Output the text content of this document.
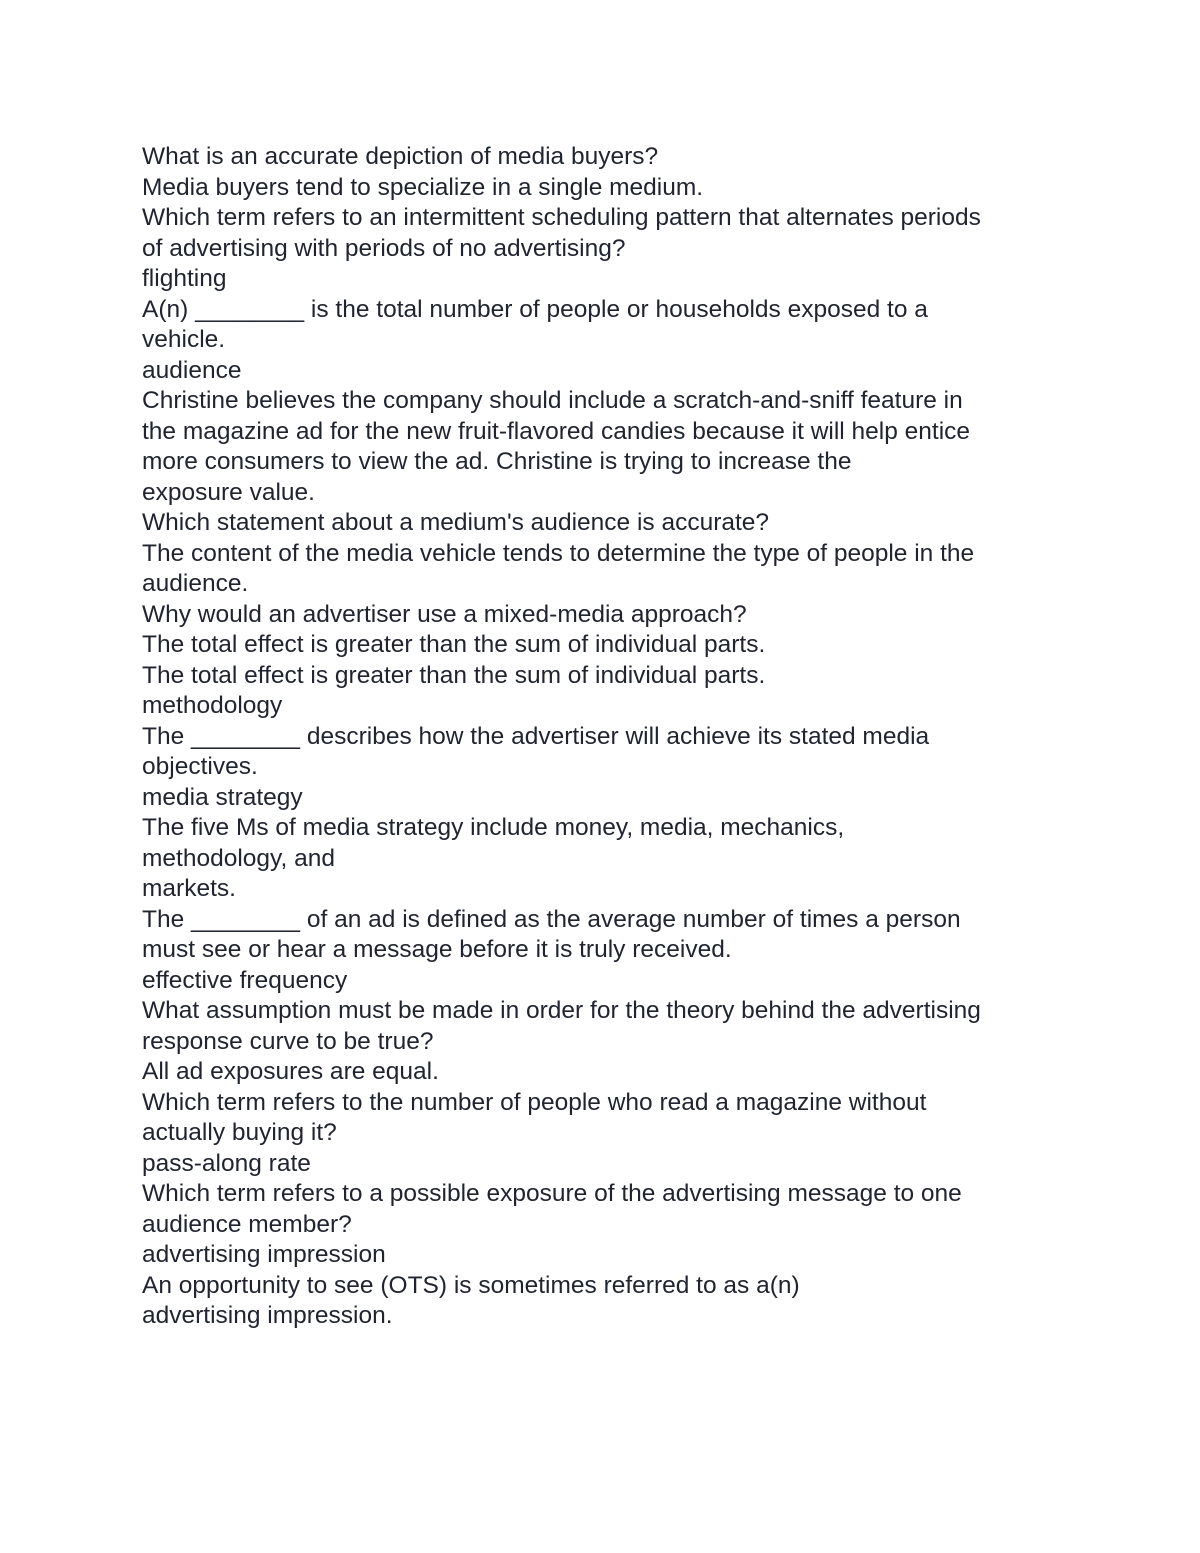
What is an accurate depiction of media buyers?
Media buyers tend to specialize in a single medium.
Which term refers to an intermittent scheduling pattern that alternates periods
of advertising with periods of no advertising?
flighting
A(n) ________ is the total number of people or households exposed to a
vehicle.
audience
Christine believes the company should include a scratch-and-sniff feature in
the magazine ad for the new fruit-flavored candies because it will help entice
more consumers to view the ad. Christine is trying to increase the
exposure value.
Which statement about a medium's audience is accurate?
The content of the media vehicle tends to determine the type of people in the
audience.
Why would an advertiser use a mixed-media approach?
The total effect is greater than the sum of individual parts.
The total effect is greater than the sum of individual parts.
methodology
The ________ describes how the advertiser will achieve its stated media
objectives.
media strategy
The five Ms of media strategy include money, media, mechanics,
methodology, and
markets.
The ________ of an ad is defined as the average number of times a person
must see or hear a message before it is truly received.
effective frequency
What assumption must be made in order for the theory behind the advertising
response curve to be true?
All ad exposures are equal.
Which term refers to the number of people who read a magazine without
actually buying it?
pass-along rate
Which term refers to a possible exposure of the advertising message to one
audience member?
advertising impression
An opportunity to see (OTS) is sometimes referred to as a(n)
advertising impression.
